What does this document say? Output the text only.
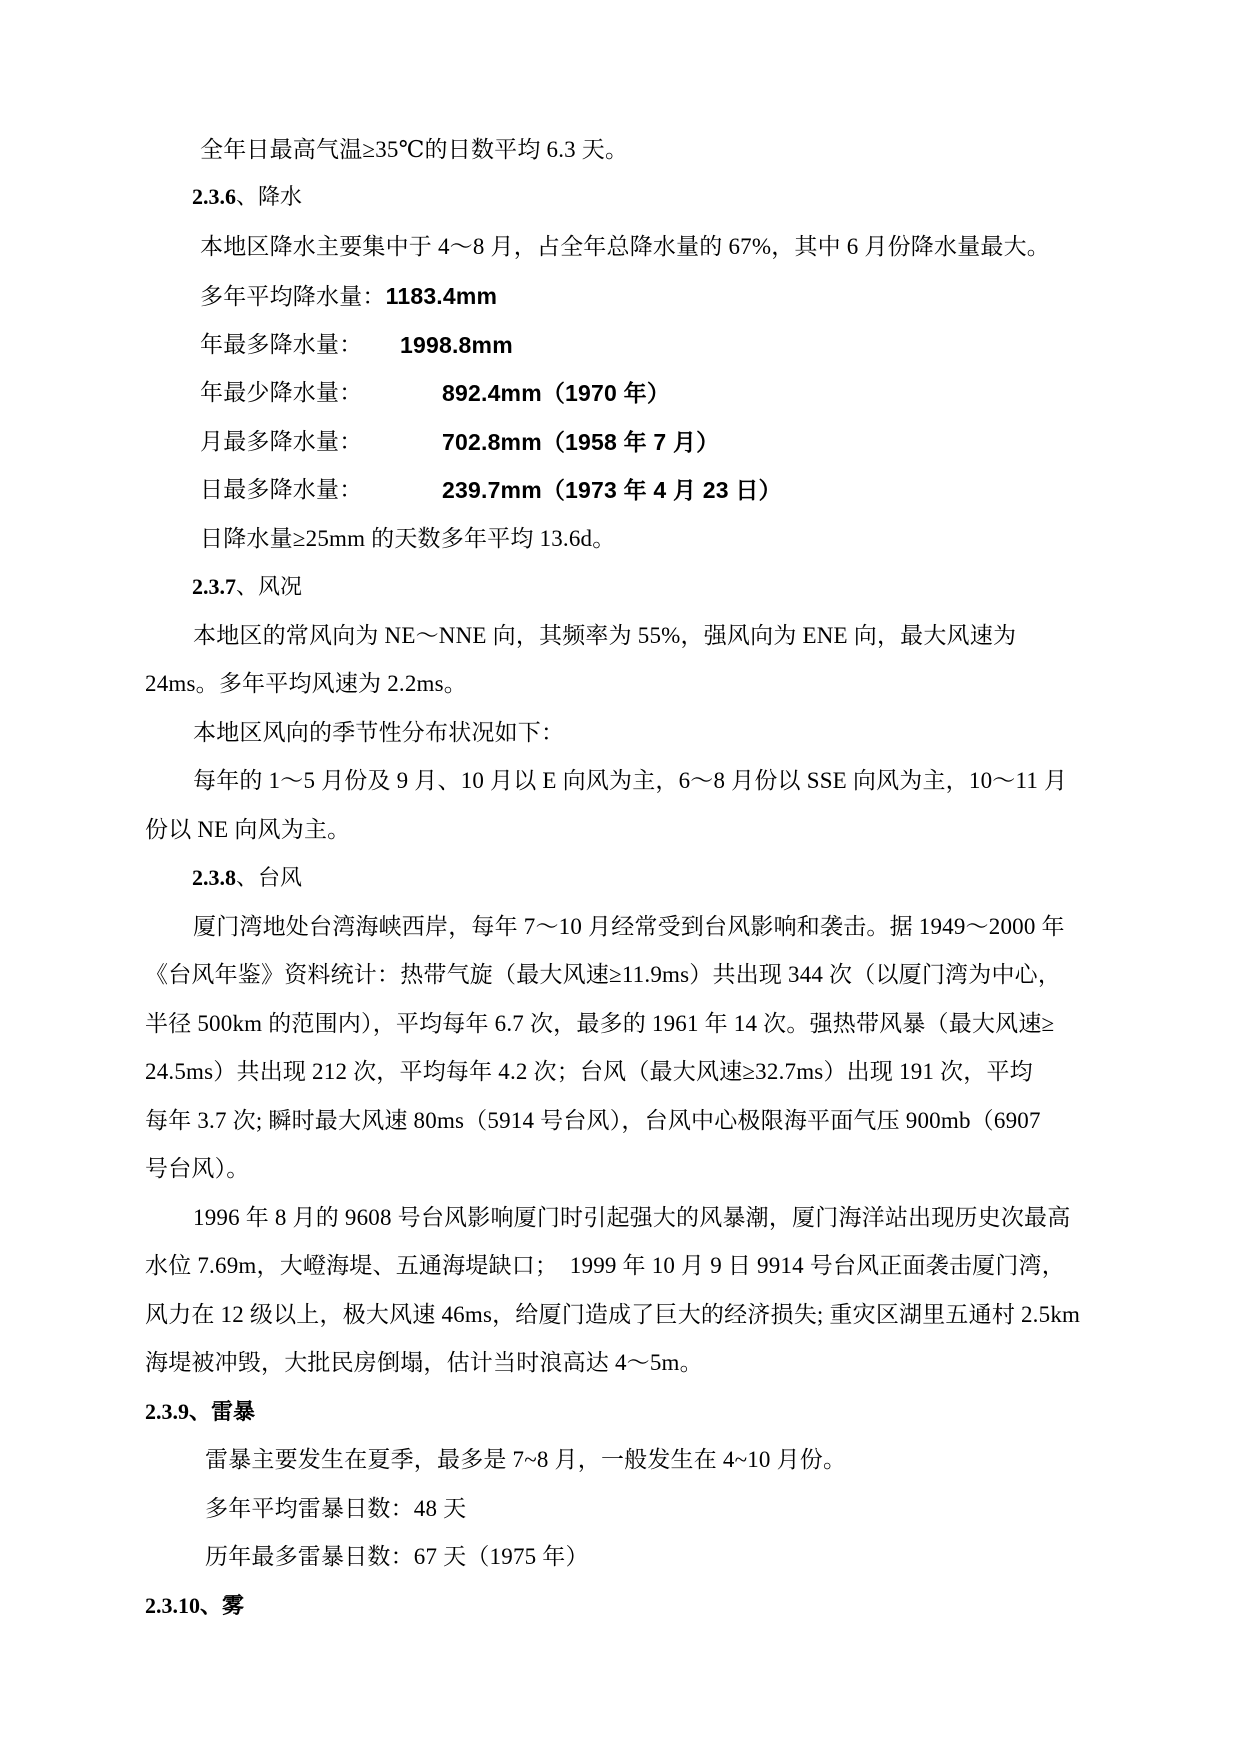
全年日最高气温≥35℃的日数平均 6.3 天。
2.3.6、降水
本地区降水主要集中于 4～8 月，占全年总降水量的 67%，其中 6 月份降水量最大。
多年平均降水量：1183.4mm
年最多降水量： 1998.8mm
年最少降水量：	892.4mm（1970 年）
月最多降水量：	702.8mm（1958 年 7 月）
日最多降水量：	239.7mm（1973 年 4 月 23 日）
日降水量≥25mm 的天数多年平均 13.6d。
2.3.7、风况
本地区的常风向为 NE～NNE 向，其频率为 55%，强风向为 ENE 向，最大风速为
24ms。多年平均风速为 2.2ms。
本地区风向的季节性分布状况如下：
每年的 1～5 月份及 9 月、10 月以 E 向风为主，6～8 月份以 SSE 向风为主，10～11 月
份以 NE 向风为主。
2.3.8、台风
厦门湾地处台湾海峡西岸，每年 7～10 月经常受到台风影响和袭击。据 1949～2000 年
《台风年鉴》资料统计：热带气旋（最大风速≥11.9ms）共出现 344 次（以厦门湾为中心，
半径 500km 的范围内），平均每年 6.7 次，最多的 1961 年 14 次。强热带风暴（最大风速≥
24.5ms）共出现 212 次，平均每年 4.2 次；台风（最大风速≥32.7ms）出现 191 次，平均
每年 3.7 次; 瞬时最大风速 80ms（5914 号台风），台风中心极限海平面气压 900mb（6907
号台风）。
1996 年 8 月的 9608 号台风影响厦门时引起强大的风暴潮，厦门海洋站出现历史次最高
水位 7.69m，大嶝海堤、五通海堤缺口；　1999 年 10 月 9 日 9914 号台风正面袭击厦门湾，
风力在 12 级以上，极大风速 46ms，给厦门造成了巨大的经济损失; 重灾区湖里五通村 2.5km
海堤被冲毁，大批民房倒塌，估计当时浪高达 4～5m。
2.3.9、雷暴
雷暴主要发生在夏季，最多是 7~8 月，一般发生在 4~10 月份。
多年平均雷暴日数：48 天
历年最多雷暴日数：67 天（1975 年）
2.3.10、雾
